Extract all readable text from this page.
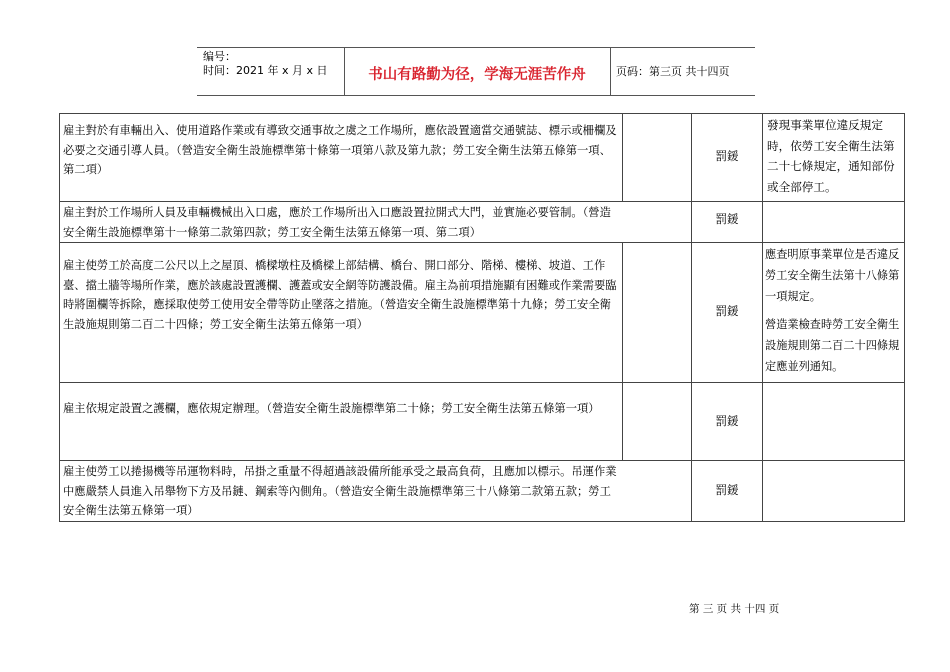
编号：
时间：2021 年 x 月 x 日	书山有路勤为径，学海无涯苦作舟	页码：第三页 共十四页
雇主對於有車輛出入、使用道路作業或有導致交通事故之虞之工作場所，應依設置適當交通號誌、標示或柵欄及必要之交通引導人員。（營造安全衛生設施標準第十條第一項第八款及第九款；勞工安全衛生法第五條第一項、第二項）
罰鍰
發現事業單位違反規定時，依勞工安全衛生法第二十七條規定，通知部份或全部停工。
雇主對於工作場所人員及車輛機械出入口處，應於工作場所出入口應設置拉開式大門，並實施必要管制。（營造安全衛生設施標準第十一條第二款第四款；勞工安全衛生法第五條第一項、第二項）
罰鍰
雇主使勞工於高度二公尺以上之屋頂、橋樑墩柱及橋樑上部結構、橋台、開口部分、階梯、樓梯、坡道、工作臺、擋土牆等場所作業，應於該處設置護欄、護蓋或安全網等防護設備。雇主為前項措施顯有困難或作業需要臨時將圍欄等拆除，應採取使勞工使用安全帶等防止墜落之措施。（營造安全衛生設施標準第十九條；勞工安全衛生設施規則第二百二十四條；勞工安全衛生法第五條第一項）
罰鍰
應查明原事業單位是否違反勞工安全衛生法第十八條第一項規定。
營造業檢查時勞工安全衛生設施規則第二百二十四條規定應並列通知。
雇主依規定設置之護欄，應依規定辦理。（營造安全衛生設施標準第二十條；勞工安全衛生法第五條第一項）
罰鍰
雇主使勞工以捲揚機等吊運物料時，吊掛之重量不得超過該設備所能承受之最高負荷，且應加以標示。吊運作業中應嚴禁人員進入吊舉物下方及吊鏈、鋼索等內側角。（營造安全衛生設施標準第三十八條第二款第五款；勞工安全衛生法第五條第一項）
罰鍰
第 三 页 共 十四 页
